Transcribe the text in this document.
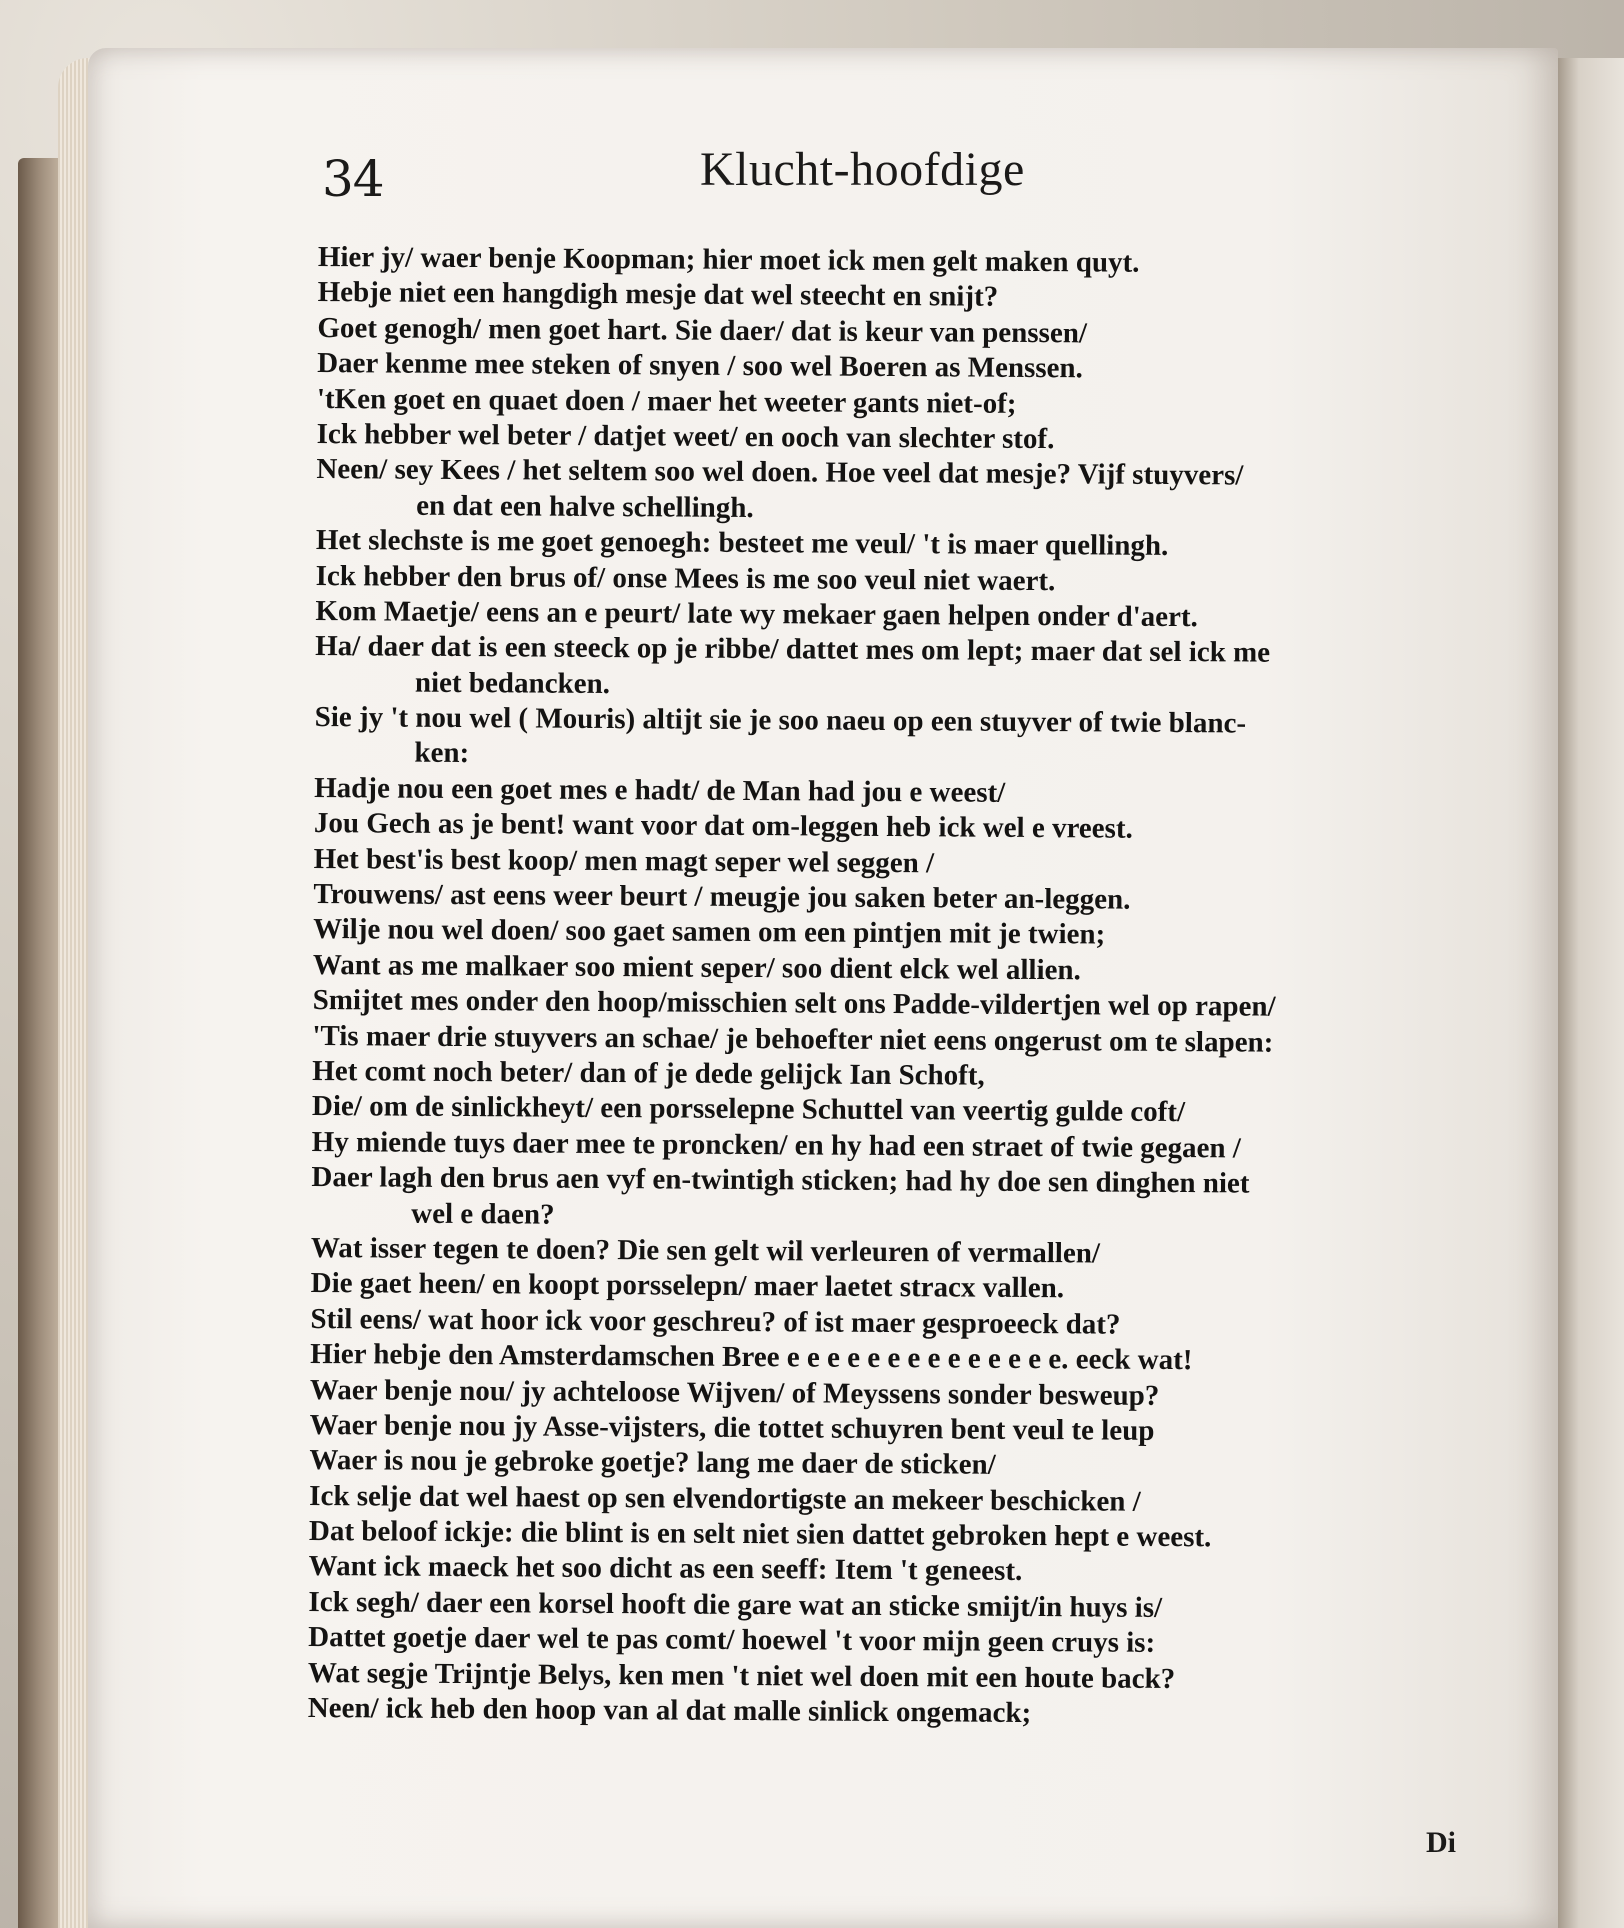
34	Klucht-hoofdige
Hier jy/ waer benje Koopman; hier moet ick men gelt maken quyt.
Hebje niet een hangdigh mesje dat wel steecht en snijt?
Goet genogh/ men goet hart. Sie daer/ dat is keur van penssen/
Daer kenme mee steken of snyen / soo wel Boeren as Menssen.
'tKen goet en quaet doen / maer het weeter gants niet-of;
Ick hebber wel beter / datjet weet/ en ooch van slechter stof.
Neen/ sey Kees / het seltem soo wel doen. Hoe veel dat mesje? Vijf stuyvers/
en dat een halve schellingh.
Het slechste is me goet genoegh: besteet me veul/ 't is maer quellingh.
Ick hebber den brus of/ onse Mees is me soo veul niet waert.
Kom Maetje/ eens an e peurt/ late wy mekaer gaen helpen onder d'aert.
Ha/ daer dat is een steeck op je ribbe/ dattet mes om lept; maer dat sel ick me
niet bedancken.
Sie jy 't nou wel ( Mouris) altijt sie je soo naeu op een stuyver of twie blanc-
ken:
Hadje nou een goet mes e hadt/ de Man had jou e weest/
Jou Gech as je bent! want voor dat om-leggen heb ick wel e vreest.
Het best'is best koop/ men magt seper wel seggen /
Trouwens/ ast eens weer beurt / meugje jou saken beter an-leggen.
Wilje nou wel doen/ soo gaet samen om een pintjen mit je twien;
Want as me malkaer soo mient seper/ soo dient elck wel allien.
Smijtet mes onder den hoop/misschien selt ons Padde-vildertjen wel op rapen/
'Tis maer drie stuyvers an schae/ je behoefter niet eens ongerust om te slapen:
Het comt noch beter/ dan of je dede gelijck Ian Schoft,
Die/ om de sinlickheyt/ een porsselepne Schuttel van veertig gulde coft/
Hy miende tuys daer mee te proncken/ en hy had een straet of twie gegaen /
Daer lagh den brus aen vyf en-twintigh sticken; had hy doe sen dinghen niet
wel e daen?
Wat isser tegen te doen? Die sen gelt wil verleuren of vermallen/
Die gaet heen/ en koopt porsselepn/ maer laetet stracx vallen.
Stil eens/ wat hoor ick voor geschreu? of ist maer gesproeeck dat?
Hier hebje den Amsterdamschen Bree e e e e e e e e e e e e e e. eeck wat!
Waer benje nou/ jy achteloose Wijven/ of Meyssens sonder besweup?
Waer benje nou jy Asse-vijsters, die tottet schuyren bent veul te leup
Waer is nou je gebroke goetje? lang me daer de sticken/
Ick selje dat wel haest op sen elvendortigste an mekeer beschicken /
Dat beloof ickje: die blint is en selt niet sien dattet gebroken hept e weest.
Want ick maeck het soo dicht as een seeff: Item 't geneest.
Ick segh/ daer een korsel hooft die gare wat an sticke smijt/in huys is/
Dattet goetje daer wel te pas comt/ hoewel 't voor mijn geen cruys is:
Wat segje Trijntje Belys, ken men 't niet wel doen mit een houte back?
Neen/ ick heb den hoop van al dat malle sinlick ongemack;
Di
